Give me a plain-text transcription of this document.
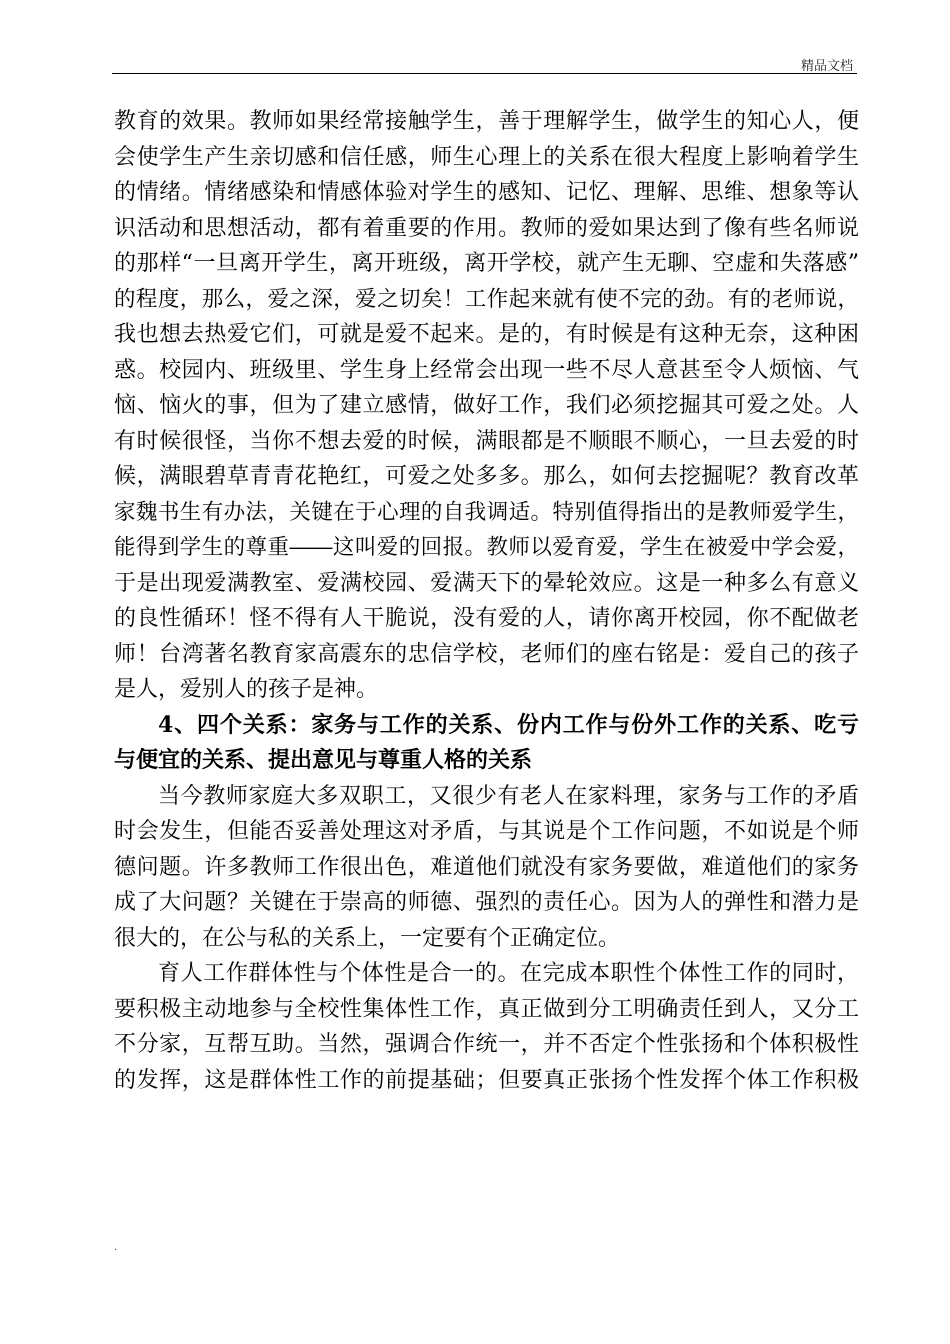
精品文档
教育的效果。教师如果经常接触学生，善于理解学生，做学生的知心人，便
会使学生产生亲切感和信任感，师生心理上的关系在很大程度上影响着学生
的情绪。情绪感染和情感体验对学生的感知、记忆、理解、思维、想象等认
识活动和思想活动，都有着重要的作用。教师的爱如果达到了像有些名师说
的那样“一旦离开学生，离开班级，离开学校，就产生无聊、空虚和失落感”
的程度，那么，爱之深，爱之切矣！工作起来就有使不完的劲。有的老师说，
我也想去热爱它们，可就是爱不起来。是的，有时候是有这种无奈，这种困
惑。校园内、班级里、学生身上经常会出现一些不尽人意甚至令人烦恼、气
恼、恼火的事，但为了建立感情，做好工作，我们必须挖掘其可爱之处。人
有时候很怪，当你不想去爱的时候，满眼都是不顺眼不顺心，一旦去爱的时
候，满眼碧草青青花艳红，可爱之处多多。那么，如何去挖掘呢？教育改革
家魏书生有办法，关键在于心理的自我调适。特别值得指出的是教师爱学生，
能得到学生的尊重――这叫爱的回报。教师以爱育爱，学生在被爱中学会爱，
于是出现爱满教室、爱满校园、爱满天下的晕轮效应。这是一种多么有意义
的良性循环！怪不得有人干脆说，没有爱的人，请你离开校园，你不配做老
师！台湾著名教育家高震东的忠信学校，老师们的座右铭是：爱自己的孩子
是人，爱别人的孩子是神。
4、四个关系：家务与工作的关系、份内工作与份外工作的关系、吃亏
与便宜的关系、提出意见与尊重人格的关系
当今教师家庭大多双职工，又很少有老人在家料理，家务与工作的矛盾
时会发生，但能否妥善处理这对矛盾，与其说是个工作问题，不如说是个师
德问题。许多教师工作很出色，难道他们就没有家务要做，难道他们的家务
成了大问题？关键在于崇高的师德、强烈的责任心。因为人的弹性和潜力是
很大的，在公与私的关系上，一定要有个正确定位。
育人工作群体性与个体性是合一的。在完成本职性个体性工作的同时，
要积极主动地参与全校性集体性工作，真正做到分工明确责任到人，又分工
不分家，互帮互助。当然，强调合作统一，并不否定个性张扬和个体积极性
的发挥，这是群体性工作的前提基础；但要真正张扬个性发挥个体工作积极
.
